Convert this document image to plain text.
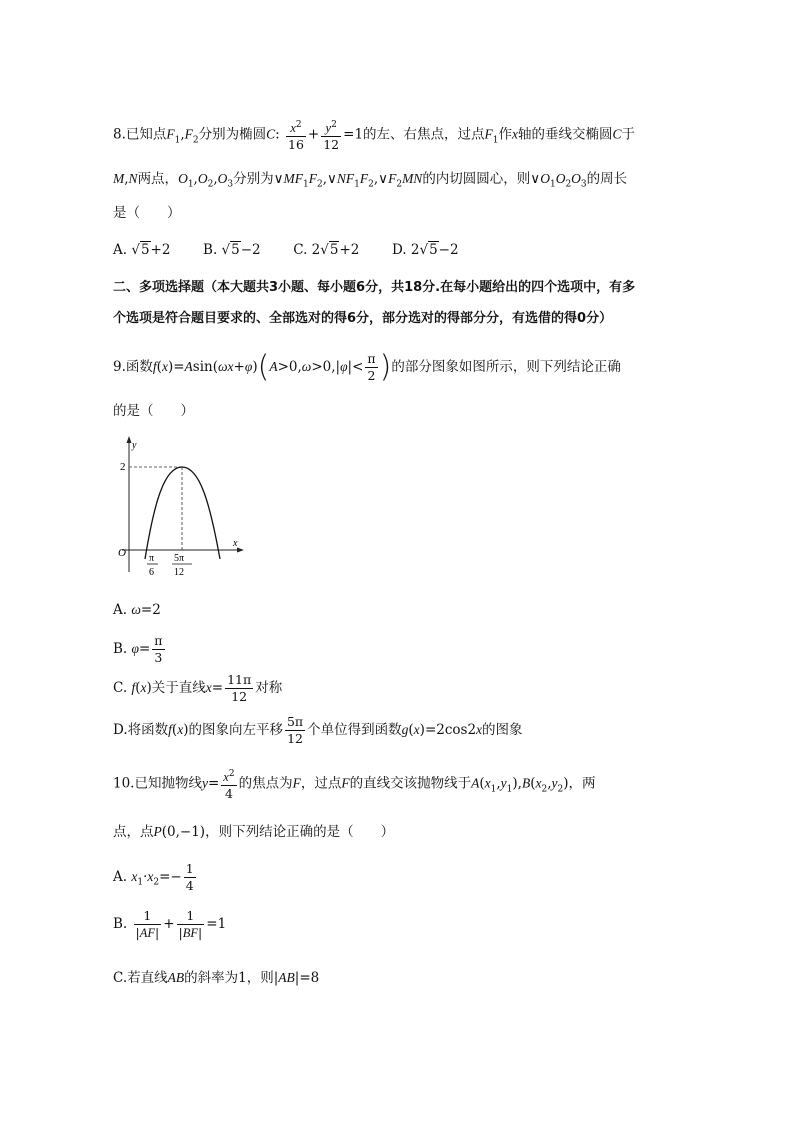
8.已知点$F_1,F_2$分别为椭圆C: $\frac{x^2}{16} + \frac{y^2}{12} =1$的左、右焦点，过点$F_1$作x轴的垂线交椭圆C于
M,N两点，$O_1,O_2,O_3$分别为$\vee MF_1F_2,\vee NF_1F_2,\vee F_2MN$的内切圆圆心，则$\vee O_1O_2O_3$的周长
是（　　）
A. √5+2 B. √5−2 C. 2√5+2 D. 2√5−2
二、多项选择题（本大题共3小题、每小题6分，共18分.在每小题给出的四个选项中，有多
个选项是符合题目要求的、全部选对的得6分，部分选对的得部分分，有选借的得0分）
9.函数$f(x)=Asin(\omega x+\varphi)(A>0,\omega>0,|\varphi|< \frac{\pi}{2}$ )的部分图象如图所示，则下列结论正确
的是（　　）
y
x
O
2
π
6
5π
12
A. ω=2
B. $\varphi= \frac{\pi}{3}$
C. f(x)关于直线$x= \frac{11\pi}{12}$ 对称
D.将函数f(x)的图象向左平移 $\frac{5\pi}{12}$ 个单位得到函数g(x)=2cos2x的图象
10.已知抛物线$y= \frac{x^2}{4}$ 的焦点为F，过点F的直线交该抛物线于$A(x_1,y_1),B(x_2,y_2)$，两
点，点P(0,−1)，则下列结论正确的是（　　）
A. $x_1\cdot x_2=- \frac{1}{4}$
B. $\frac{1}{|AF|} + \frac{1}{|BF|} =1$
C.若直线AB的斜率为1，则|AB|=8
